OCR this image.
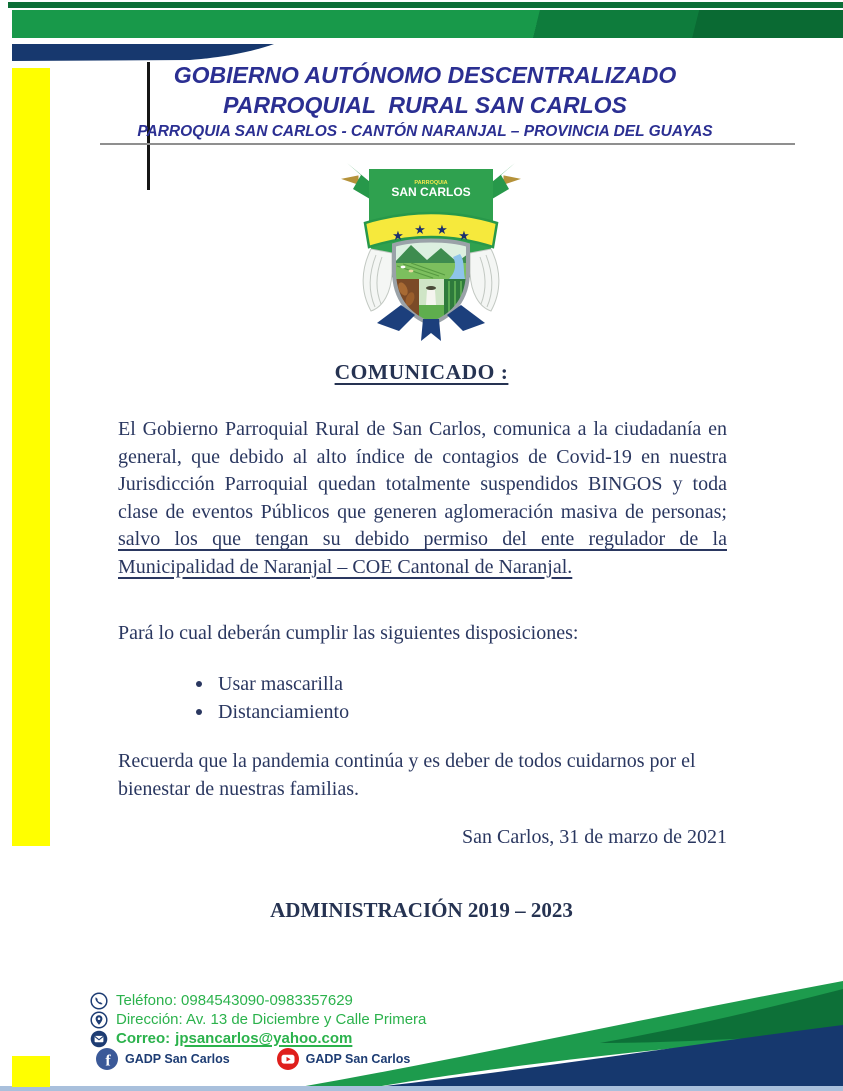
GOBIERNO AUTÓNOMO DESCENTRALIZADO
PARROQUIAL  RURAL SAN CARLOS
PARROQUIA SAN CARLOS - CANTÓN NARANJAL – PROVINCIA DEL GUAYAS
PARROQUIA
SAN CARLOS
★ ★ ★ ★
COMUNICADO :
El Gobierno Parroquial Rural de San Carlos, comunica a la ciudadanía en general, que debido al alto índice de contagios de Covid-19 en nuestra Jurisdicción Parroquial quedan totalmente suspendidos BINGOS y toda clase de eventos Públicos que generen aglomeración masiva de personas; salvo los que tengan su debido permiso del ente regulador de la Municipalidad de Naranjal – COE Cantonal de Naranjal.
Pará lo cual deberán cumplir las siguientes disposiciones:
Usar mascarilla
Distanciamiento
Recuerda que la pandemia continúa y es deber de todos cuidarnos por el bienestar de nuestras familias.
San Carlos, 31 de marzo de 2021
ADMINISTRACIÓN 2019 – 2023
Teléfono: 0984543090-0983357629
Dirección: Av. 13 de Diciembre y Calle Primera
Correo: jpsancarlos@yahoo.com
f GADP San Carlos	GADP San Carlos
